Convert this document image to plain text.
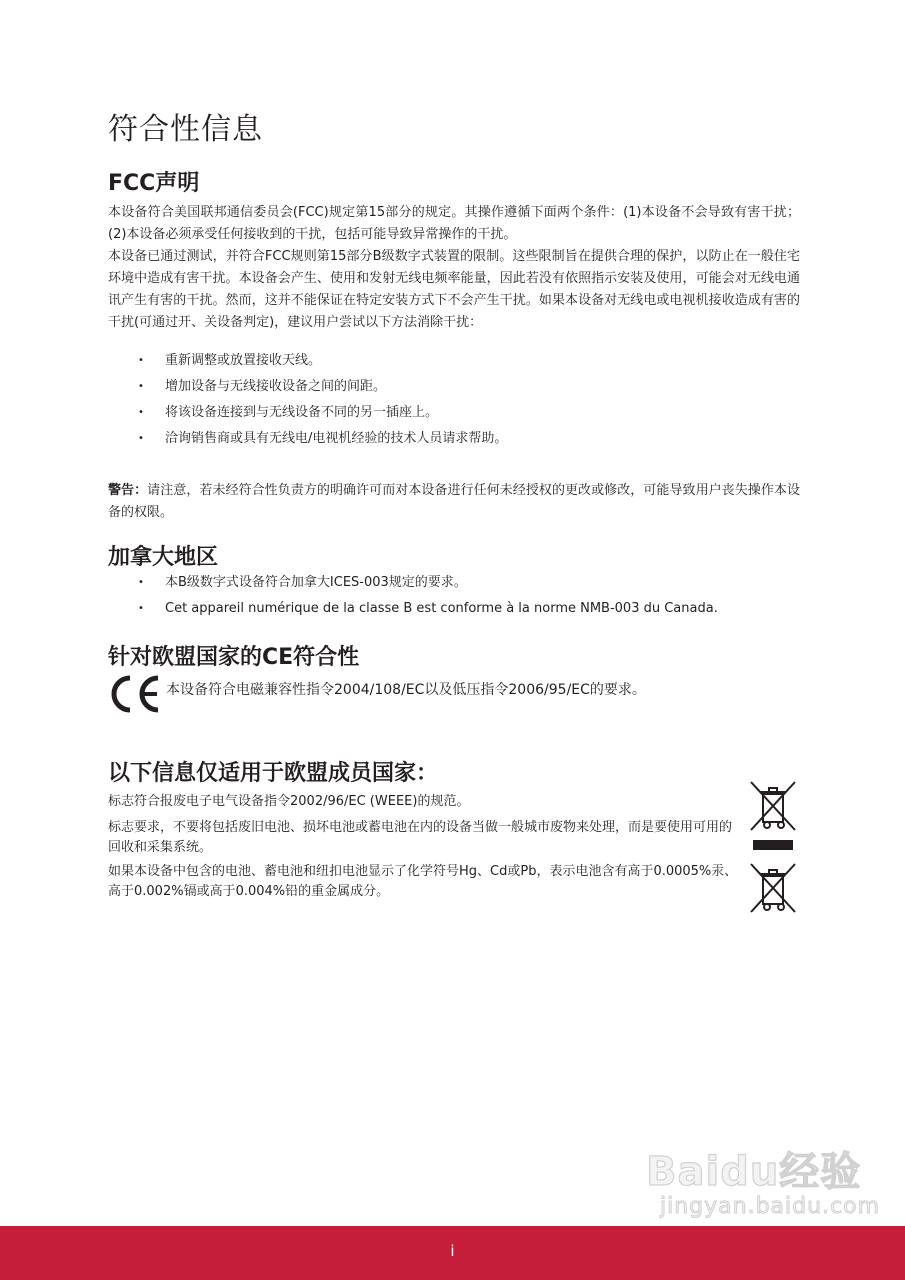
符合性信息
FCC声明

本设备符合美国联邦通信委员会(FCC)规定第15部分的规定。其操作遵循下面两个条件：(1)本设备不会导致有害干扰；(2)本设备必须承受任何接收到的干扰，包括可能导致异常操作的干扰。

本设备已通过测试，并符合FCC规则第15部分B级数字式装置的限制。这些限制旨在提供合理的保护，以防止在一般住宅环境中造成有害干扰。本设备会产生、使用和发射无线电频率能量，因此若没有依照指示安装及使用，可能会对无线电通讯产生有害的干扰。然而，这并不能保证在特定安装方式下不会产生干扰。如果本设备对无线电或电视机接收造成有害的干扰(可通过开、关设备判定)，建议用户尝试以下方法消除干扰：

• 重新调整或放置接收天线。
• 增加设备与无线接收设备之间的间距。
• 将该设备连接到与无线设备不同的另一插座上。
• 洽询销售商或具有无线电/电视机经验的技术人员请求帮助。

警告：请注意，若未经符合性负责方的明确许可而对本设备进行任何未经授权的更改或修改，可能导致用户丧失操作本设备的权限。

加拿大地区
• 本B级数字式设备符合加拿大ICES-003规定的要求。
• Cet appareil numérique de la classe B est conforme à la norme NMB-003 du Canada.
针对欧盟国家的CE符合性
本设备符合电磁兼容性指令2004/108/EC以及低压指令2006/95/EC的要求。
以下信息仅适用于欧盟成员国家：

标志符合报废电子电气设备指令2002/96/EC (WEEE)的规范。

标志要求，不要将包括废旧电池、损坏电池或蓄电池在内的设备当做一般城市废物来处理，而是要使用可用的回收和采集系统。

如果本设备中包含的电池、蓄电池和纽扣电池显示了化学符号Hg、Cd或Pb，表示电池含有高于0.0005%汞、高于0.002%镉或高于0.004%铅的重金属成分。

Baidu经验
jingyan.baidu.com
i
